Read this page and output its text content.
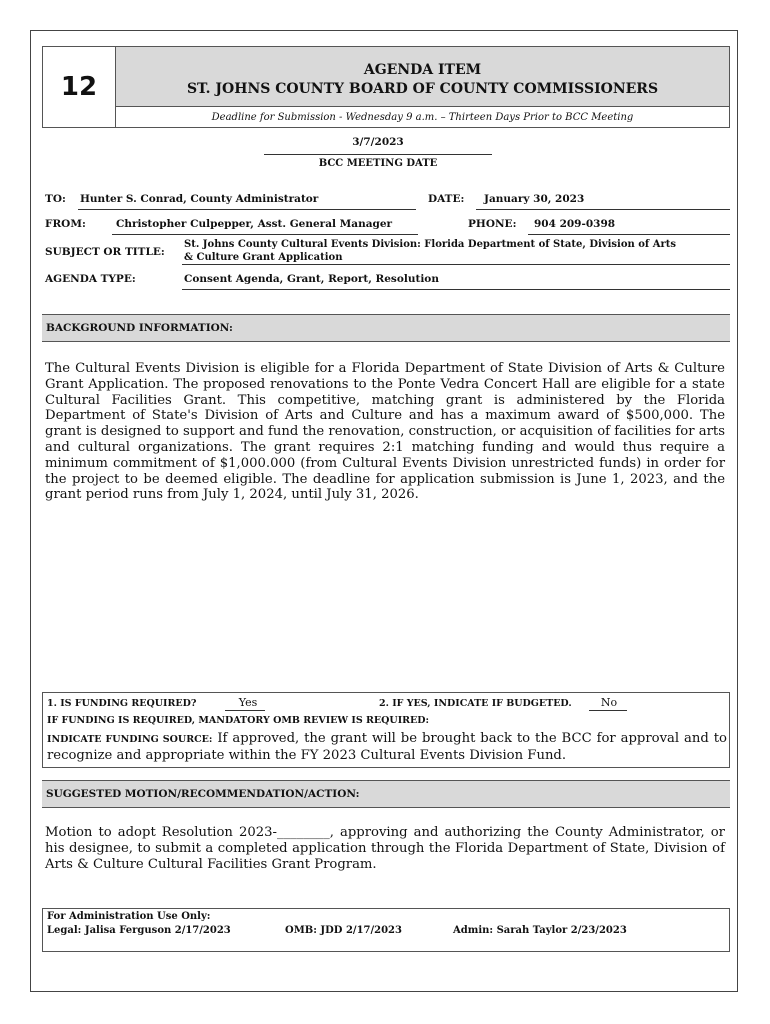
12
AGENDA ITEM
ST. JOHNS COUNTY BOARD OF COUNTY COMMISSIONERS
Deadline for Submission - Wednesday 9 a.m. – Thirteen Days Prior to BCC Meeting
3/7/2023
BCC MEETING DATE
TO: Hunter S. Conrad, County Administrator	DATE: January 30, 2023
FROM:	Christopher Culpepper, Asst. General Manager	PHONE: 904 209-0398
SUBJECT OR TITLE:
St. Johns County Cultural Events Division: Florida Department of State, Division of Arts
& Culture Grant Application
AGENDA TYPE:	Consent Agenda, Grant, Report, Resolution
BACKGROUND INFORMATION:
The Cultural Events Division is eligible for a Florida Department of State Division of Arts & Culture Grant Application. The proposed renovations to the Ponte Vedra Concert Hall are eligible for a state Cultural Facilities Grant. This competitive, matching grant is administered by the Florida Department of State's Division of Arts and Culture and has a maximum award of $500,000. The grant is designed to support and fund the renovation, construction, or acquisition of facilities for arts and cultural organizations. The grant requires 2:1 matching funding and would thus require a minimum commitment of $1,000.000 (from Cultural Events Division unrestricted funds) in order for the project to be deemed eligible. The deadline for application submission is June 1, 2023, and the grant period runs from July 1, 2024, until July 31, 2026.
1. IS FUNDING REQUIRED?	Yes	2. IF YES, INDICATE IF BUDGETED.	No
IF FUNDING IS REQUIRED, MANDATORY OMB REVIEW IS REQUIRED:
INDICATE FUNDING SOURCE: If approved, the grant will be brought back to the BCC for approval and to recognize and appropriate within the FY 2023 Cultural Events Division Fund.
SUGGESTED MOTION/RECOMMENDATION/ACTION:
Motion to adopt Resolution 2023-________, approving and authorizing the County Administrator, or his designee, to submit a completed application through the Florida Department of State, Division of Arts & Culture Cultural Facilities Grant Program.
For Administration Use Only:
Legal: Jalisa Ferguson 2/17/2023	OMB: JDD 2/17/2023	Admin: Sarah Taylor 2/23/2023
